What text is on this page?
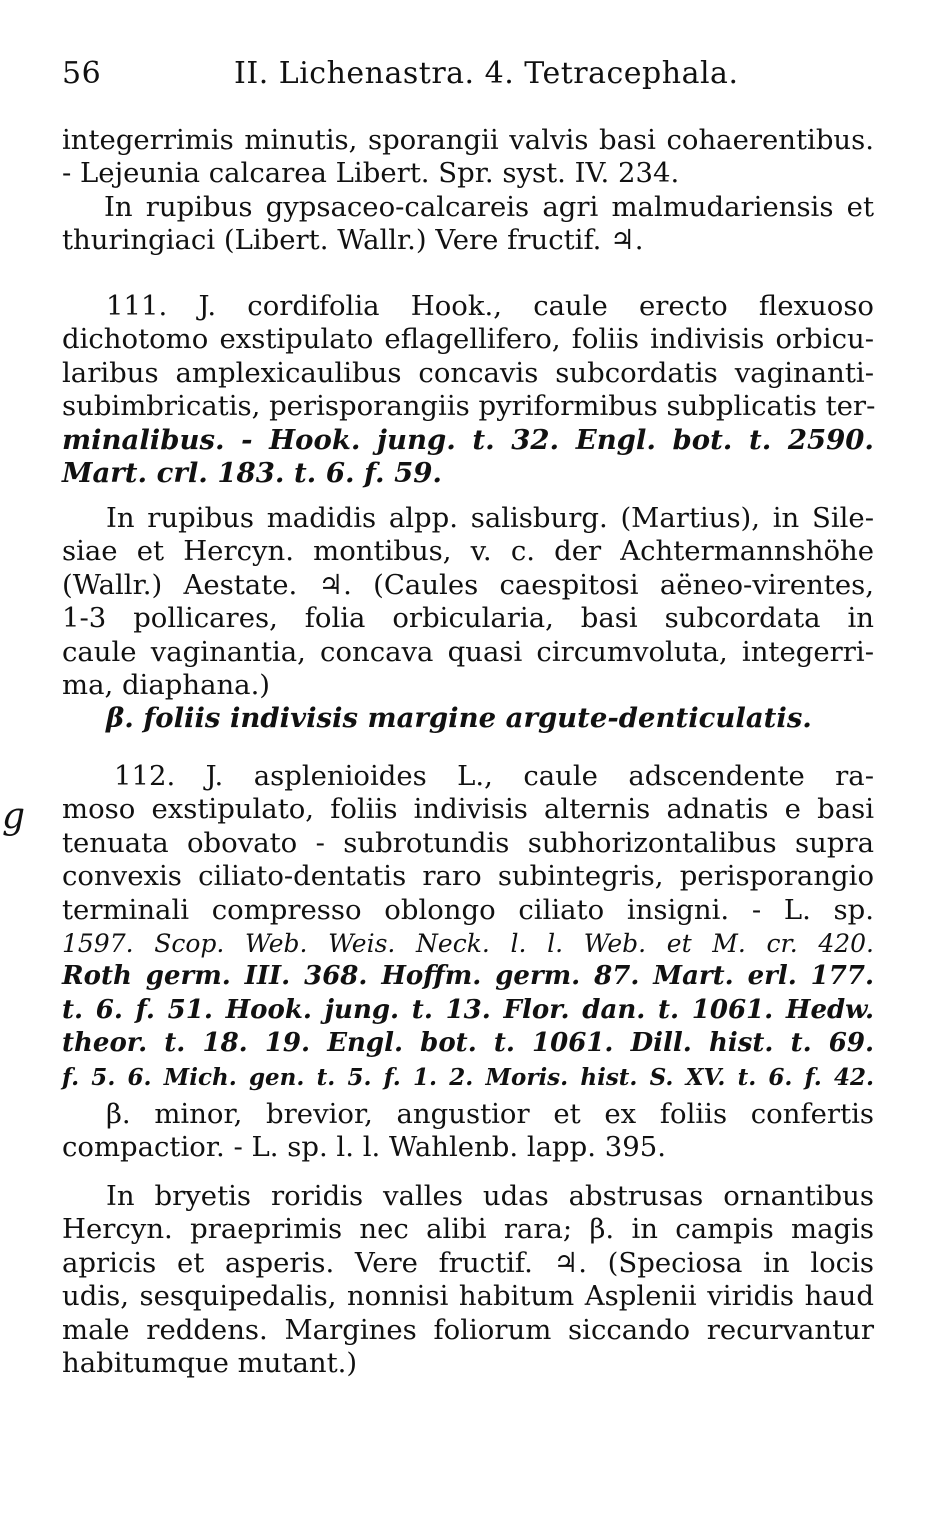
56	II. Lichenastra. 4. Tetracephala.
g
integerrimis minutis, sporangii valvis basi cohaerentibus.
- Lejeunia calcarea Libert. Spr. syst. IV. 234.
In rupibus gypsaceo-calcareis agri malmudariensis et
thuringiaci (Libert. Wallr.) Vere fructif. ♃.
111. J. cordifolia Hook., caule erecto flexuoso
dichotomo exstipulato eflagellifero, foliis indivisis orbicu-
laribus amplexicaulibus concavis subcordatis vaginanti-
subimbricatis, perisporangiis pyriformibus subplicatis ter-
minalibus. - Hook. jung. t. 32. Engl. bot. t. 2590.
Mart. crl. 183. t. 6. f. 59.
In rupibus madidis alpp. salisburg. (Martius), in Sile-
siae et Hercyn. montibus, v. c. der Achtermannshöhe
(Wallr.) Aestate. ♃. (Caules caespitosi aëneo-virentes,
1-3 pollicares, folia orbicularia, basi subcordata in
caule vaginantia, concava quasi circumvoluta, integerri-
ma, diaphana.)
β. foliis indivisis margine argute-denticulatis.
112. J. asplenioides L., caule adscendente ra-
moso exstipulato, foliis indivisis alternis adnatis e basi
tenuata obovato - subrotundis subhorizontalibus supra
convexis ciliato-dentatis raro subintegris, perisporangio
terminali compresso oblongo ciliato insigni. - L. sp.
1597. Scop. Web. Weis. Neck. l. l. Web. et M. cr. 420.
Roth germ. III. 368. Hoffm. germ. 87. Mart. erl. 177.
t. 6. f. 51. Hook. jung. t. 13. Flor. dan. t. 1061. Hedw.
theor. t. 18. 19. Engl. bot. t. 1061. Dill. hist. t. 69.
f. 5. 6. Mich. gen. t. 5. f. 1. 2. Moris. hist. S. XV. t. 6. f. 42.
β. minor, brevior, angustior et ex foliis confertis
compactior. - L. sp. l. l. Wahlenb. lapp. 395.
In bryetis roridis valles udas abstrusas ornantibus
Hercyn. praeprimis nec alibi rara; β. in campis magis
apricis et asperis. Vere fructif. ♃. (Speciosa in locis
udis, sesquipedalis, nonnisi habitum Asplenii viridis haud
male reddens. Margines foliorum siccando recurvantur
habitumque mutant.)
